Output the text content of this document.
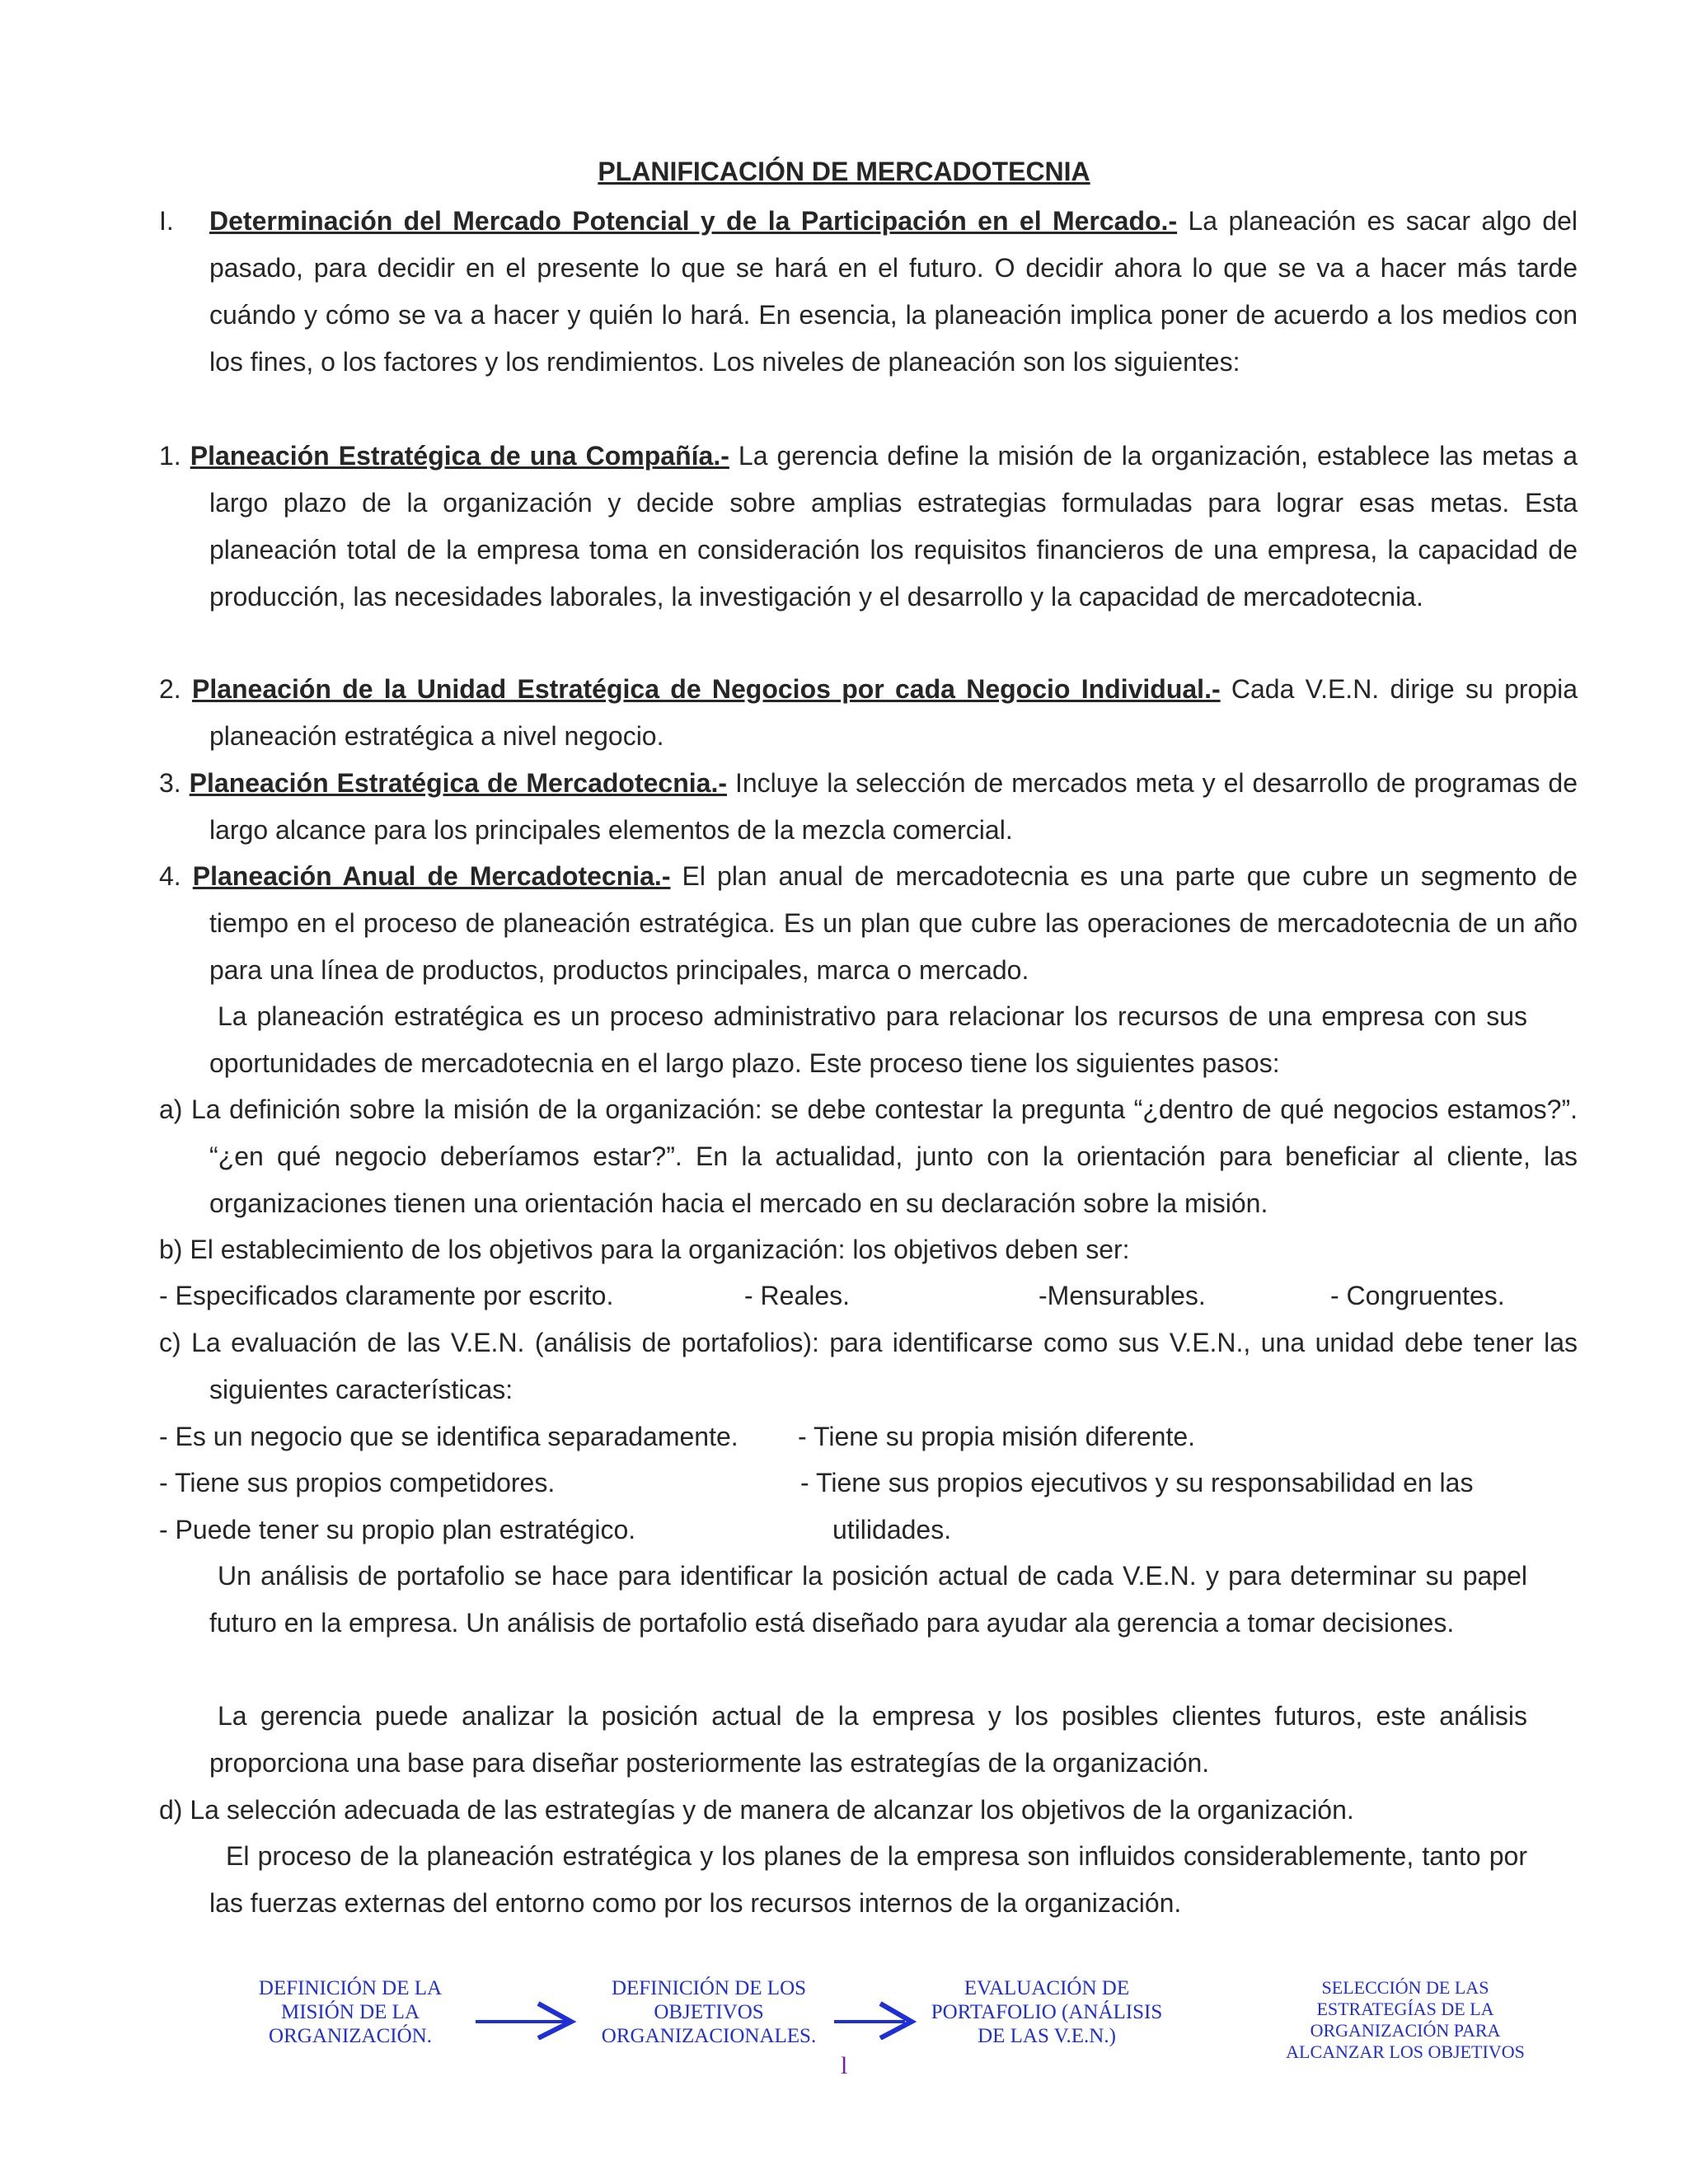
PLANIFICACIÓN DE MERCADOTECNIA
I. Determinación del Mercado Potencial y de la Participación en el Mercado.- La planeación es sacar algo del pasado, para decidir en el presente lo que se hará en el futuro. O decidir ahora lo que se va a hacer más tarde cuándo y cómo se va a hacer y quién lo hará. En esencia, la planeación implica poner de acuerdo a los medios con los fines, o los factores y los rendimientos. Los niveles de planeación son los siguientes:
1. Planeación Estratégica de una Compañía.- La gerencia define la misión de la organización, establece las metas a largo plazo de la organización y decide sobre amplias estrategias formuladas para lograr esas metas. Esta planeación total de la empresa toma en consideración los requisitos financieros de una empresa, la capacidad de producción, las necesidades laborales, la investigación y el desarrollo y la capacidad de mercadotecnia.
2. Planeación de la Unidad Estratégica de Negocios por cada Negocio Individual.- Cada V.E.N. dirige su propia planeación estratégica a nivel negocio.
3. Planeación Estratégica de Mercadotecnia.- Incluye la selección de mercados meta y el desarrollo de programas de largo alcance para los principales elementos de la mezcla comercial.
4. Planeación Anual de Mercadotecnia.- El plan anual de mercadotecnia es una parte que cubre un segmento de tiempo en el proceso de planeación estratégica. Es un plan que cubre las operaciones de mercadotecnia de un año para una línea de productos, productos principales, marca o mercado.
La planeación estratégica es un proceso administrativo para relacionar los recursos de una empresa con sus oportunidades de mercadotecnia en el largo plazo. Este proceso tiene los siguientes pasos:
a) La definición sobre la misión de la organización: se debe contestar la pregunta “¿dentro de qué negocios estamos?”. “¿en qué negocio deberíamos estar?”. En la actualidad, junto con la orientación para beneficiar al cliente, las organizaciones tienen una orientación hacia el mercado en su declaración sobre la misión.
b) El establecimiento de los objetivos para la organización: los objetivos deben ser:
- Especificados claramente por escrito.	- Reales.	-Mensurables.	- Congruentes.
c) La evaluación de las V.E.N. (análisis de portafolios): para identificarse como sus V.E.N., una unidad debe tener las siguientes características:
- Es un negocio que se identifica separadamente.
- Tiene sus propios competidores.
- Puede tener su propio plan estratégico.
- Tiene su propia misión diferente.
- Tiene sus propios ejecutivos y su responsabilidad en las
utilidades.
Un análisis de portafolio se hace para identificar la posición actual de cada V.E.N. y para determinar su papel futuro en la empresa. Un análisis de portafolio está diseñado para ayudar ala gerencia a tomar decisiones.
La gerencia puede analizar la posición actual de la empresa y los posibles clientes futuros, este análisis proporciona una base para diseñar posteriormente las estrategías de la organización.
d) La selección adecuada de las estrategías y de manera de alcanzar los objetivos de la organización.
El proceso de la planeación estratégica y los planes de la empresa son influidos considerablemente, tanto por las fuerzas externas del entorno como por los recursos internos de la organización.
DEFINICIÓN DE LA
MISIÓN DE LA
ORGANIZACIÓN.
DEFINICIÓN DE LOS
OBJETIVOS
ORGANIZACIONALES.
EVALUACIÓN DE
PORTAFOLIO (ANÁLISIS
DE LAS V.E.N.)
SELECCIÓN DE LAS
ESTRATEGÍAS DE LA
ORGANIZACIÓN PARA
ALCANZAR LOS OBJETIVOS
l
